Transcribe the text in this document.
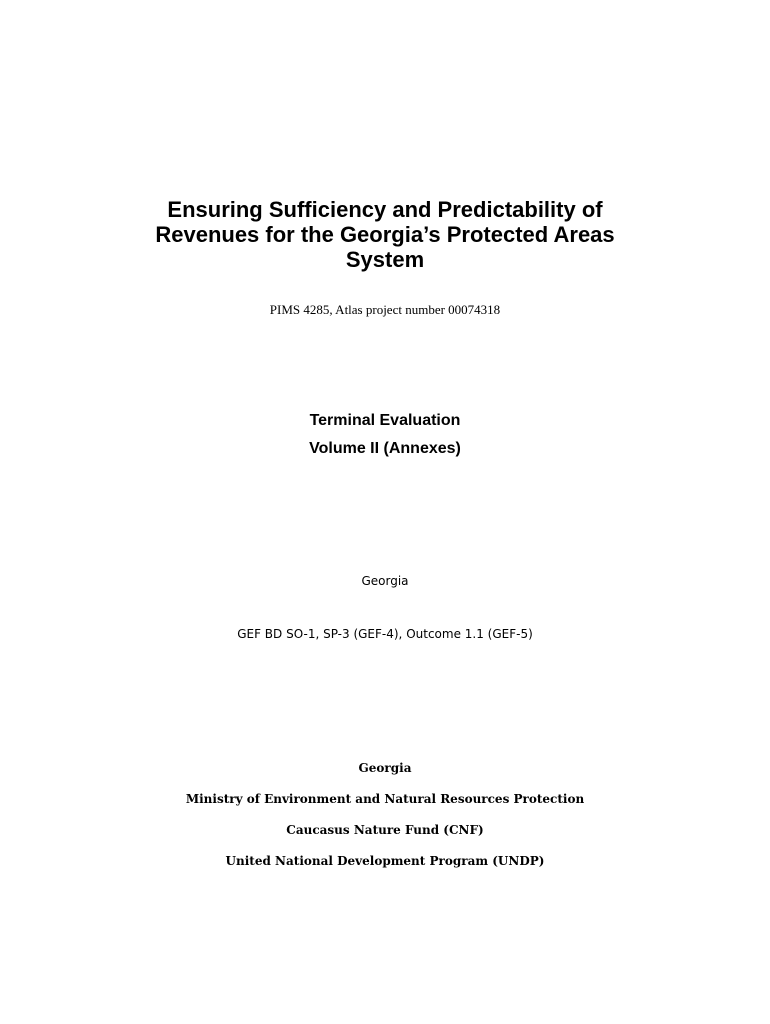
Ensuring Sufficiency and Predictability of
Revenues for the Georgia’s Protected Areas
System
PIMS 4285, Atlas project number 00074318
Terminal Evaluation
Volume II (Annexes)
Georgia
GEF BD SO-1, SP-3 (GEF-4), Outcome 1.1 (GEF-5)
Georgia
Ministry of Environment and Natural Resources Protection
Caucasus Nature Fund (CNF)
United National Development Program (UNDP)
